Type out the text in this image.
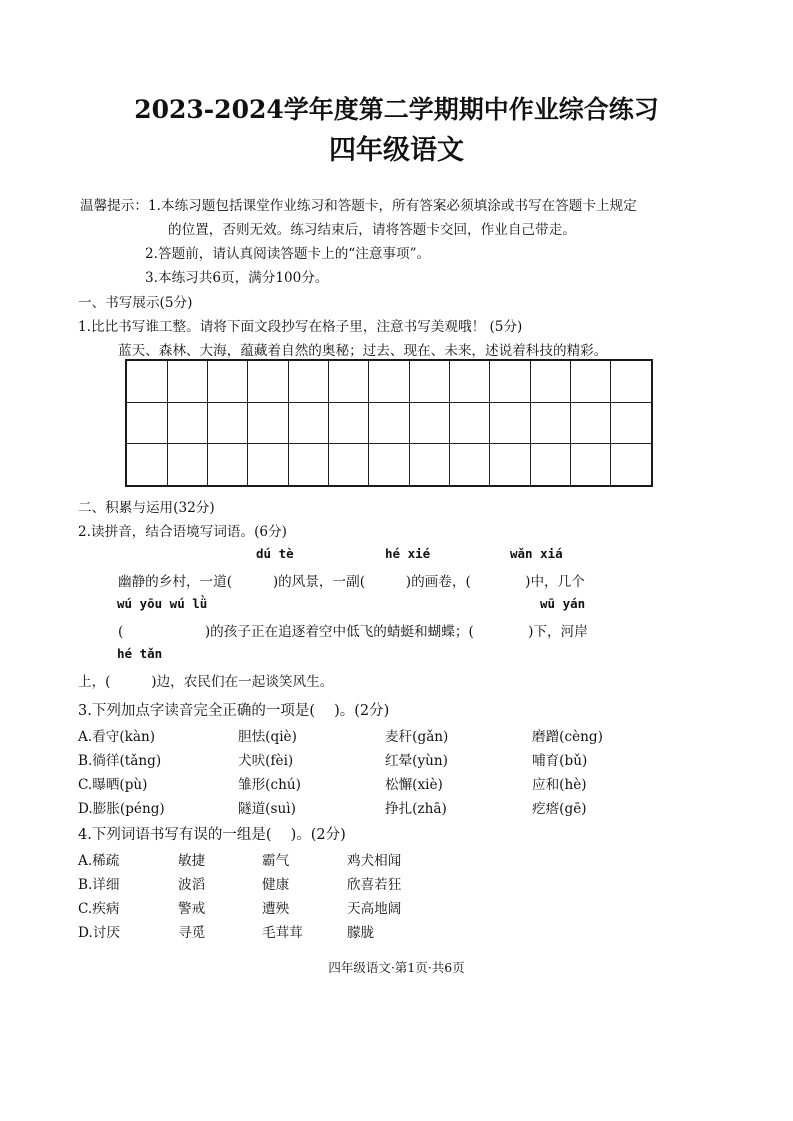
2023-2024学年度第二学期期中作业综合练习
四年级语文
温馨提示： 1.本练习题包括课堂作业练习和答题卡，所有答案必须填涂或书写在答题卡上规定
的位置，否则无效。练习结束后，请将答题卡交回，作业自己带走。
2.答题前，请认真阅读答题卡上的“注意事项”。
3.本练习共6页，满分100分。
一、书写展示(5分)
1.比比书写谁工整。请将下面文段抄写在格子里，注意书写美观哦！ (5分)
蓝天、森林、大海，蕴藏着自然的奥秘；过去、现在、未来，述说着科技的精彩。
二、积累与运用(32分)
2.读拼音，结合语境写词语。(6分)
dú tè	hé xié	wǎn xiá
幽静的乡村，一道(　　　)的风景，一副(　　　)的画卷，(　　　　)中，几个
wú yōu wú lǜ	wū yán
(　　　　　　)的孩子正在追逐着空中低飞的蜻蜓和蝴蝶；(　　　　)下，河岸
hé tǎn
上，(　　　)边，农民们在一起谈笑风生。
3.下列加点字读音完全正确的一项是(　 )。(2分)
A.看守(kàn)	胆怯(qiè)	麦秆(gǎn)	磨蹭(cèng)
B.徜徉(tǎng)	犬吠(fèi)	红晕(yùn)	哺育(bǔ)
C.曝晒(pù)	雏形(chú)	松懈(xiè)	应和(hè)
D.膨胀(péng)	隧道(suì)	挣扎(zhā)	疙瘩(gē)
4.下列词语书写有误的一组是(　 )。(2分)
A.稀疏	敏捷	霸气	鸡犬相闻
B.详细	波滔	健康	欣喜若狂
C.疾病	警戒	遭殃	天高地阔
D.讨厌	寻觅	毛茸茸	朦胧
四年级语文·第1页·共6页
